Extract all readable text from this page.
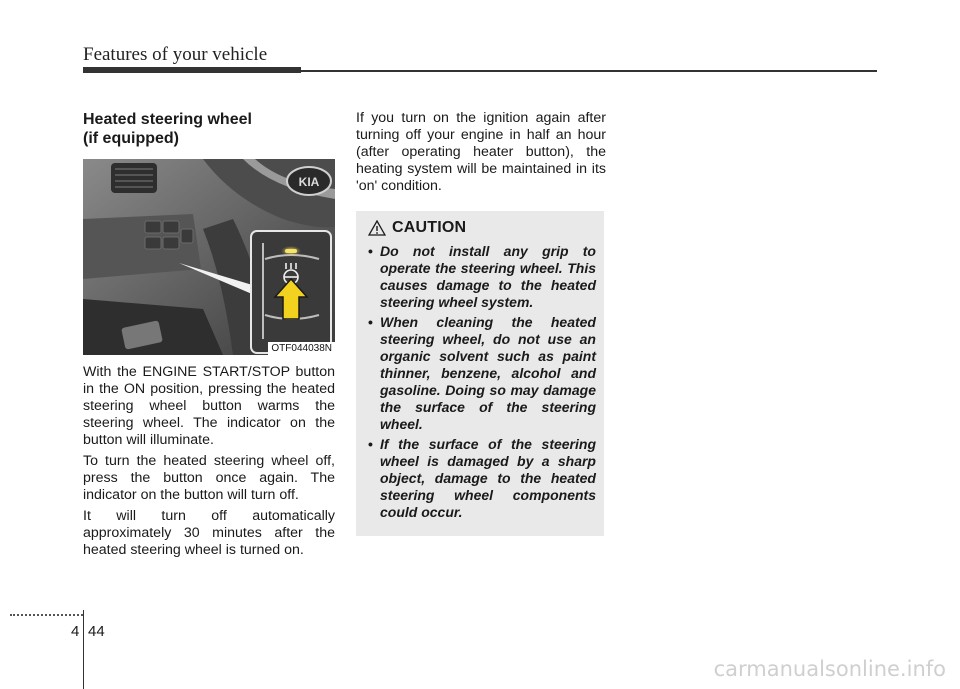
Features of your vehicle
Heated steering wheel
(if equipped)
KIA
OTF044038N

With the ENGINE START/STOP button in the ON position, pressing the heated steering wheel button warms the steering wheel. The indicator on the button will illuminate.

To turn the heated steering wheel off, press the button once again. The indicator on the button will turn off.

It will turn off automatically approximately 30 minutes after the heated steering wheel is turned on.

If you turn on the ignition again after turning off your engine in half an hour (after operating heater button), the heating system will be maintained in its 'on' condition.

CAUTION
• Do not install any grip to operate the steering wheel. This causes damage to the heated steering wheel system.
• When cleaning the heated steering wheel, do not use an organic solvent such as paint thinner, benzene, alcohol and gasoline. Doing so may damage the surface of the steering wheel.
• If the surface of the steering wheel is damaged by a sharp object, damage to the heated steering wheel components could occur.
4 44
carmanualsonline.info
